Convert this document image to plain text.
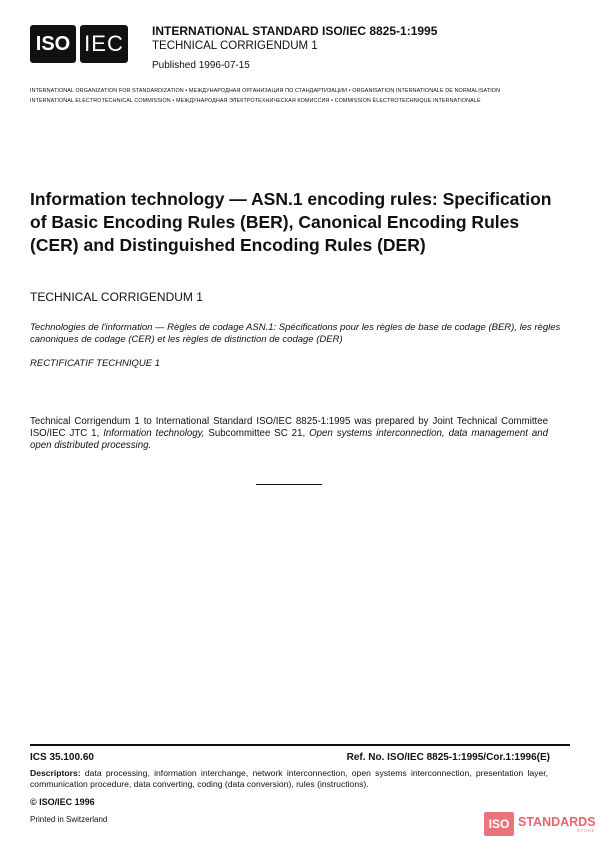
ISO IEC	INTERNATIONAL STANDARD ISO/IEC 8825-1:1995
TECHNICAL CORRIGENDUM 1
Published 1996-07-15
INTERNATIONAL ORGANIZATION FOR STANDARDIZATION • МЕЖДУНАРОДНАЯ ОРГАНИЗАЦИЯ ПО СТАНДАРТИЗАЦИИ • ORGANISATION INTERNATIONALE DE NORMALISATION
INTERNATIONAL ELECTROTECHNICAL COMMISSION • МЕЖДУНАРОДНАЯ ЭЛЕКТРОТЕХНИЧЕСКАЯ КОМИССИЯ • COMMISSION ÉLECTROTECHNIQUE INTERNATIONALE
Information technology — ASN.1 encoding rules: Specification of Basic Encoding Rules (BER), Canonical Encoding Rules (CER) and Distinguished Encoding Rules (DER)
TECHNICAL CORRIGENDUM 1
Technologies de l'information — Règles de codage ASN.1: Spécifications pour les règles de base de codage (BER), les règles canoniques de codage (CER) et les règles de distinction de codage (DER)
RECTIFICATIF TECHNIQUE 1
Technical Corrigendum 1 to International Standard ISO/IEC 8825-1:1995 was prepared by Joint Technical Committee ISO/IEC JTC 1, Information technology, Subcommittee SC 21, Open systems interconnection, data management and open distributed processing.
ICS 35.100.60	Ref. No. ISO/IEC 8825-1:1995/Cor.1:1996(E)
Descriptors: data processing, information interchange, network interconnection, open systems interconnection, presentation layer, communication procedure, data converting, coding (data conversion), rules (instructions).
© ISO/IEC 1996
Printed in Switzerland	ISO STANDARDS
STORE
